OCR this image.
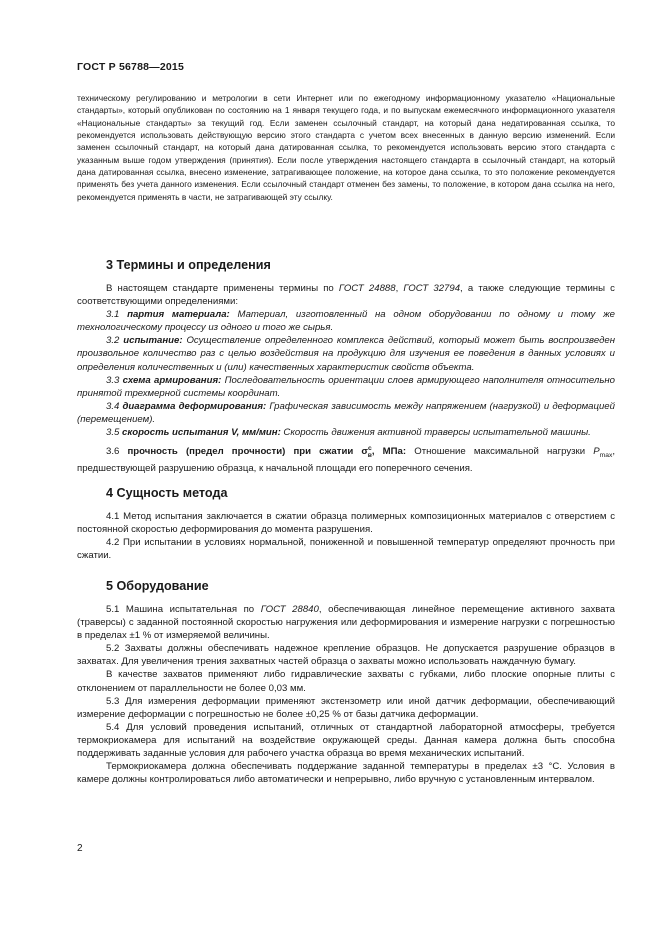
ГОСТ Р 56788—2015

техническому регулированию и метрологии в сети Интернет или по ежегодному информационному указателю «Национальные стандарты», который опубликован по состоянию на 1 января текущего года, и по выпускам ежемесячного информационного указателя «Национальные стандарты» за текущий год. Если заменен ссылочный стандарт, на который дана недатированная ссылка, то рекомендуется использовать действующую версию этого стандарта с учетом всех внесенных в данную версию изменений. Если заменен ссылочный стандарт, на который дана датированная ссылка, то рекомендуется использовать версию этого стандарта с указанным выше годом утверждения (принятия). Если после утверждения настоящего стандарта в ссылочный стандарт, на который дана датированная ссылка, внесено изменение, затрагивающее положение, на которое дана ссылка, то это положение рекомендуется применять без учета данного изменения. Если ссылочный стандарт отменен без замены, то положение, в котором дана ссылка на него, рекомендуется применять в части, не затрагивающей эту ссылку.

3 Термины и определения

В настоящем стандарте применены термины по ГОСТ 24888, ГОСТ 32794, а также следующие термины с соответствующими определениями:

3.1 партия материала: Материал, изготовленный на одном оборудовании по одному и тому же технологическому процессу из одного и того же сырья.

3.2 испытание: Осуществление определенного комплекса действий, который может быть воспроизведен произвольное количество раз с целью воздействия на продукцию для изучения ее поведения в данных условиях и определения количественных и (или) качественных характеристик свойств объекта.

3.3 схема армирования: Последовательность ориентации слоев армирующего наполнителя относительно принятой трехмерной системы координат.

3.4 диаграмма деформирования: Графическая зависимость между напряжением (нагрузкой) и деформацией (перемещением).

3.5 скорость испытания V, мм/мин: Скорость движения активной траверсы испытательной машины.

3.6 прочность (предел прочности) при сжатии $\sigma^с_в$, МПа: Отношение максимальной нагрузки $P_{max}$, предшествующей разрушению образца, к начальной площади его поперечного сечения.

4 Сущность метода

4.1 Метод испытания заключается в сжатии образца полимерных композиционных материалов с отверстием с постоянной скоростью деформирования до момента разрушения.

4.2 При испытании в условиях нормальной, пониженной и повышенной температур определяют прочность при сжатии.

5 Оборудование

5.1 Машина испытательная по ГОСТ 28840, обеспечивающая линейное перемещение активного захвата (траверсы) с заданной постоянной скоростью нагружения или деформирования и измерение нагрузки с погрешностью в пределах ±1 % от измеряемой величины.

5.2 Захваты должны обеспечивать надежное крепление образцов. Не допускается разрушение образцов в захватах. Для увеличения трения захватных частей образца о захваты можно использовать наждачную бумагу.

В качестве захватов применяют либо гидравлические захваты с губками, либо плоские опорные плиты с отклонением от параллельности не более 0,03 мм.

5.3 Для измерения деформации применяют экстензометр или иной датчик деформации, обеспечивающий измерение деформации с погрешностью не более ±0,25 % от базы датчика деформации.

5.4 Для условий проведения испытаний, отличных от стандартной лабораторной атмосферы, требуется термокриокамера для испытаний на воздействие окружающей среды. Данная камера должна быть способна поддерживать заданные условия для рабочего участка образца во время механических испытаний.

Термокриокамера должна обеспечивать поддержание заданной температуры в пределах ±3 °С. Условия в камере должны контролироваться либо автоматически и непрерывно, либо вручную с установленным интервалом.

2
